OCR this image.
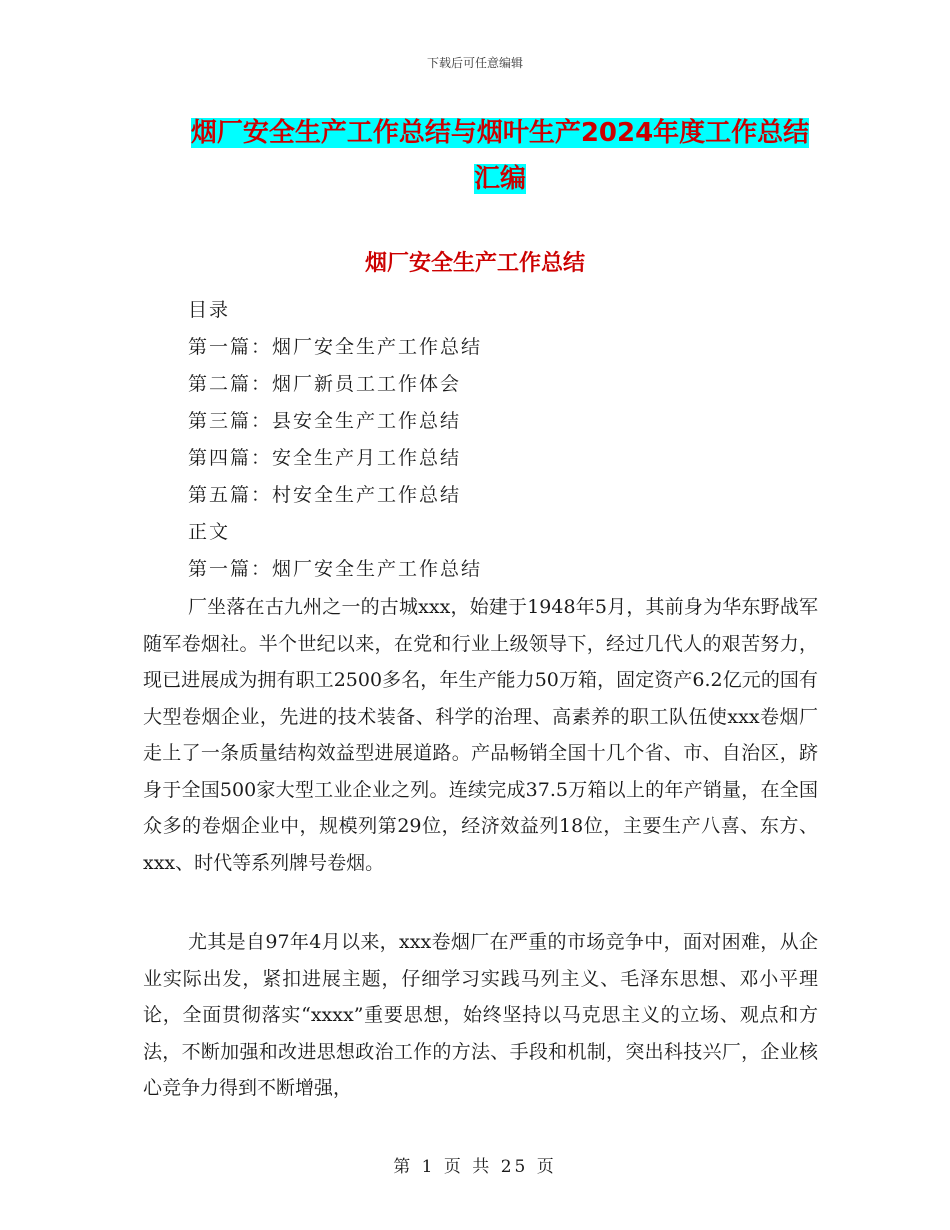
下载后可任意编辑
烟厂安全生产工作总结与烟叶生产2024年度工作总结
汇编
烟厂安全生产工作总结
目录
第一篇：烟厂安全生产工作总结
第二篇：烟厂新员工工作体会
第三篇：县安全生产工作总结
第四篇：安全生产月工作总结
第五篇：村安全生产工作总结
正文
第一篇：烟厂安全生产工作总结

厂坐落在古九州之一的古城xxx，始建于1948年5月，其前身为华东野战军随军卷烟社。半个世纪以来，在党和行业上级领导下，经过几代人的艰苦努力，现已进展成为拥有职工2500多名，年生产能力50万箱，固定资产6.2亿元的国有大型卷烟企业，先进的技术装备、科学的治理、高素养的职工队伍使xxx卷烟厂走上了一条质量结构效益型进展道路。产品畅销全国十几个省、市、自治区，跻身于全国500家大型工业企业之列。连续完成37.5万箱以上的年产销量，在全国众多的卷烟企业中，规模列第29位，经济效益列18位，主要生产八喜、东方、xxx、时代等系列牌号卷烟。

尤其是自97年4月以来，xxx卷烟厂在严重的市场竞争中，面对困难，从企业实际出发，紧扣进展主题，仔细学习实践马列主义、毛泽东思想、邓小平理论，全面贯彻落实“xxxx”重要思想，始终坚持以马克思主义的立场、观点和方法，不断加强和改进思想政治工作的方法、手段和机制，突出科技兴厂，企业核心竞争力得到不断增强，

第 1 页 共 25 页
